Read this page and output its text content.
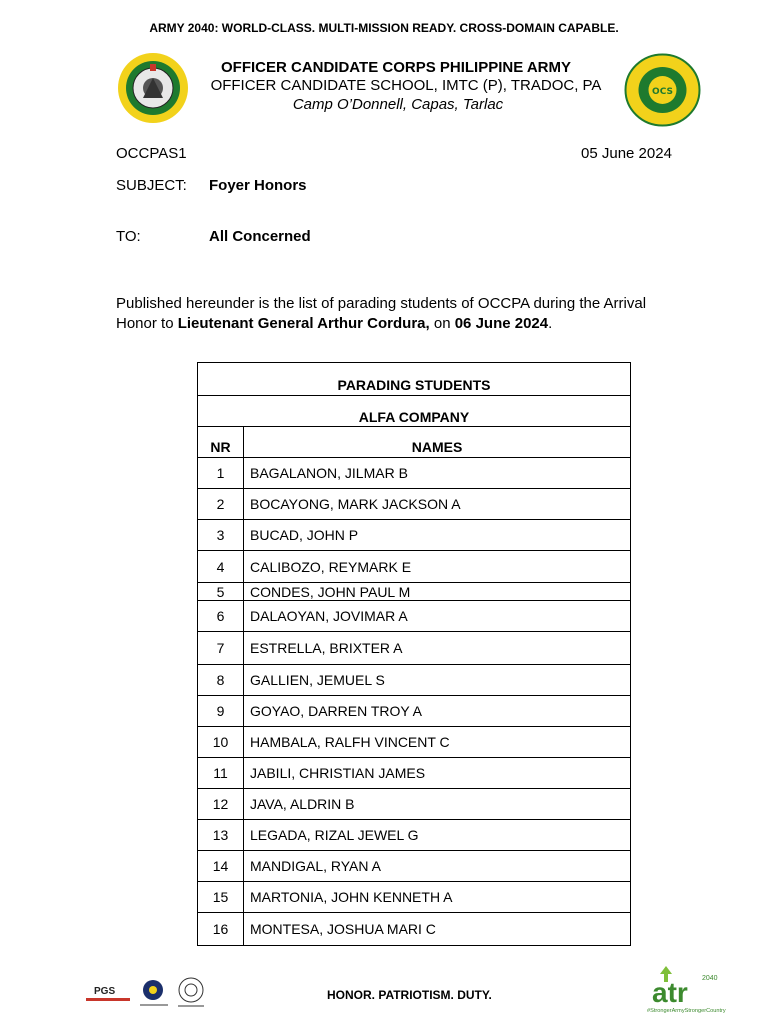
ARMY 2040: WORLD-CLASS. MULTI-MISSION READY. CROSS-DOMAIN CAPABLE.
OFFICER CANDIDATE CORPS PHILIPPINE ARMY
OFFICER CANDIDATE SCHOOL, IMTC (P), TRADOC, PA
Camp O’Donnell, Capas, Tarlac
OCS
OCCPAS1	05 June 2024
SUBJECT: Foyer Honors
TO:	All Concerned
Published hereunder is the list of parading students of OCCPA during the Arrival Honor to Lieutenant General Arthur Cordura, on 06 June 2024.
PARADING STUDENTS
ALFA COMPANY
NR	NAMES
1	BAGALANON, JILMAR B
2	BOCAYONG, MARK JACKSON A
3	BUCAD, JOHN P
4	CALIBOZO, REYMARK E
5	CONDES, JOHN PAUL M
6	DALAOYAN, JOVIMAR A
7	ESTRELLA, BRIXTER A
8	GALLIEN, JEMUEL S
9	GOYAO, DARREN TROY A
10	HAMBALA, RALFH VINCENT C
11	JABILI, CHRISTIAN JAMES
12	JAVA, ALDRIN B
13	LEGADA, RIZAL JEWEL G
14	MANDIGAL, RYAN A
15	MARTONIA, JOHN KENNETH A
16	MONTESA, JOSHUA MARI C
PGS	HONOR. PATRIOTISM. DUTY.	atr 2040
#StrongerArmyStrongerCountry
